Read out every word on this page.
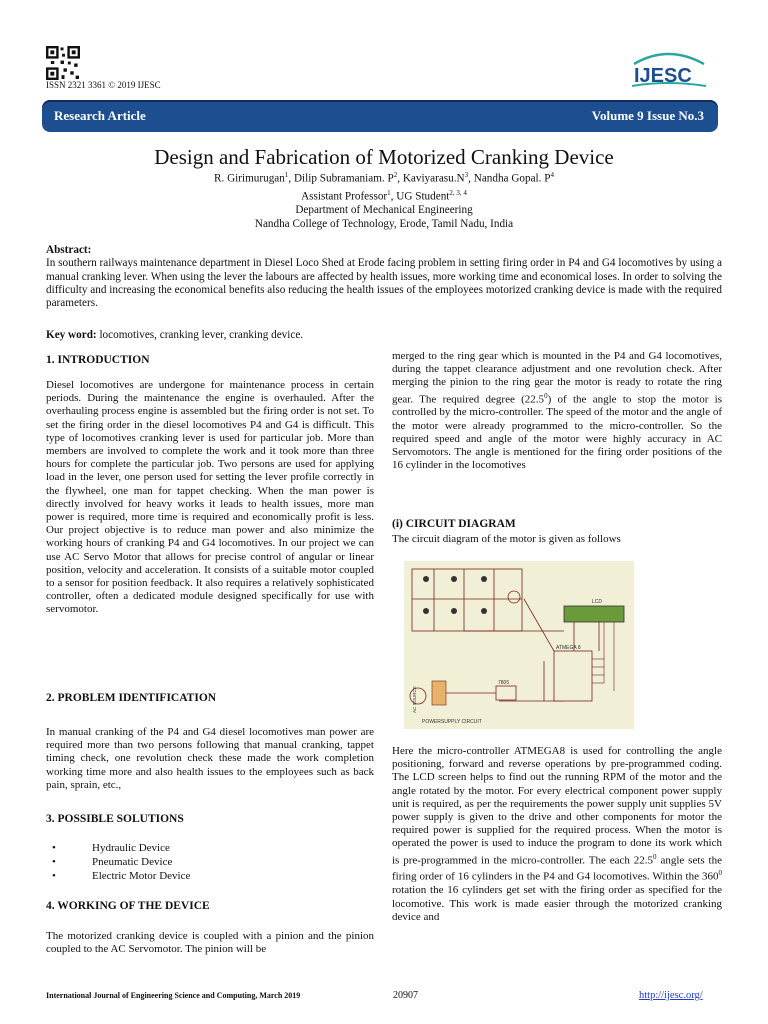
ISSN 2321 3361 © 2019 IJESC	IJESC
Research Article	Volume 9 Issue No.3
Design and Fabrication of Motorized Cranking Device
R. Girimurugan$^1$, Dilip Subramaniam. $P^2$, $Kaviyarasu.N^3$, Nandha Gopal. $P^4$
Assistant Professor$^1$, UG Student$^{2, 3, 4}$
Department of Mechanical Engineering
Nandha College of Technology, Erode, Tamil Nadu, India
Abstract:
In southern railways maintenance department in Diesel Loco Shed at Erode facing problem in setting firing order in P4 and G4 locomotives by using a manual cranking lever. When using the lever the labours are affected by health issues, more working time and economical loses. In order to solving the difficulty and increasing the economical benefits also reducing the health issues of the employees motorized cranking device is made with the required parameters.
Key word: locomotives, cranking lever, cranking device.
1. INTRODUCTION
Diesel locomotives are undergone for maintenance process in certain periods. During the maintenance the engine is overhauled. After the overhauling process engine is assembled but the firing order is not set. To set the firing order in the diesel locomotives P4 and G4 is difficult. This type of locomotives cranking lever is used for particular job. More than members are involved to complete the work and it took more than three hours for complete the particular job. Two persons are used for applying load in the lever, one person used for setting the lever profile correctly in the flywheel, one man for tappet checking. When the man power is directly involved for heavy works it leads to health issues, more man power is required, more time is required and economically profit is less. Our project objective is to reduce man power and also minimize the working hours of cranking P4 and G4 locomotives. In our project we can use AC Servo Motor that allows for precise control of angular or linear position, velocity and acceleration. It consists of a suitable motor coupled to a sensor for position feedback. It also requires a relatively sophisticated controller, often a dedicated module designed specifically for use with servomotor.
2. PROBLEM IDENTIFICATION
In manual cranking of the P4 and G4 diesel locomotives man power are required more than two persons following that manual cranking, tappet timing check, one revolution check these made the work completion working time more and also health issues to the employees such as back pain, sprain, etc.,
3. POSSIBLE SOLUTIONS
• Hydraulic Device
• Pneumatic Device
• Electric Motor Device
4. WORKING OF THE DEVICE
The motorized cranking device is coupled with a pinion and the pinion coupled to the AC Servomotor. The pinion will be
merged to the ring gear which is mounted in the P4 and G4 locomotives, during the tappet clearance adjustment and one revolution check. After merging the pinion to the ring gear the motor is ready to rotate the ring gear. The required degree (22.5$^0$) of the angle to stop the motor is controlled by the micro-controller. The speed of the motor and the angle of the motor were already programmed to the micro-controller. So the required speed and angle of the motor were highly accuracy in AC Servomotors. The angle is mentioned for the firing order positions of the 16 cylinder in the locomotives
(i) CIRCUIT DIAGRAM
The circuit diagram of the motor is given as follows
LCD
ATMEGA 8
AC SOURCE
7805
POWERSUPPLY CIRCUIT
Here the micro-controller ATMEGA8 is used for controlling the angle positioning, forward and reverse operations by pre-programmed coding. The LCD screen helps to find out the running RPM of the motor and the angle rotated by the motor. For every electrical component power supply unit is required, as per the requirements the power supply unit supplies 5V power supply is given to the drive and other components for motor the required power is supplied for the required process. When the motor is operated the power is used to induce the program to done its work which is pre-programmed in the micro-controller. The each 22.5$^0$ angle sets the firing order of 16 cylinders in the P4 and G4 locomotives. Within the $360^0$ rotation the 16 cylinders get set with the firing order as specified for the locomotive. This work is made easier through the motorized cranking device and
International Journal of Engineering Science and Computing, March 2019	20907	http://ijesc.org/
